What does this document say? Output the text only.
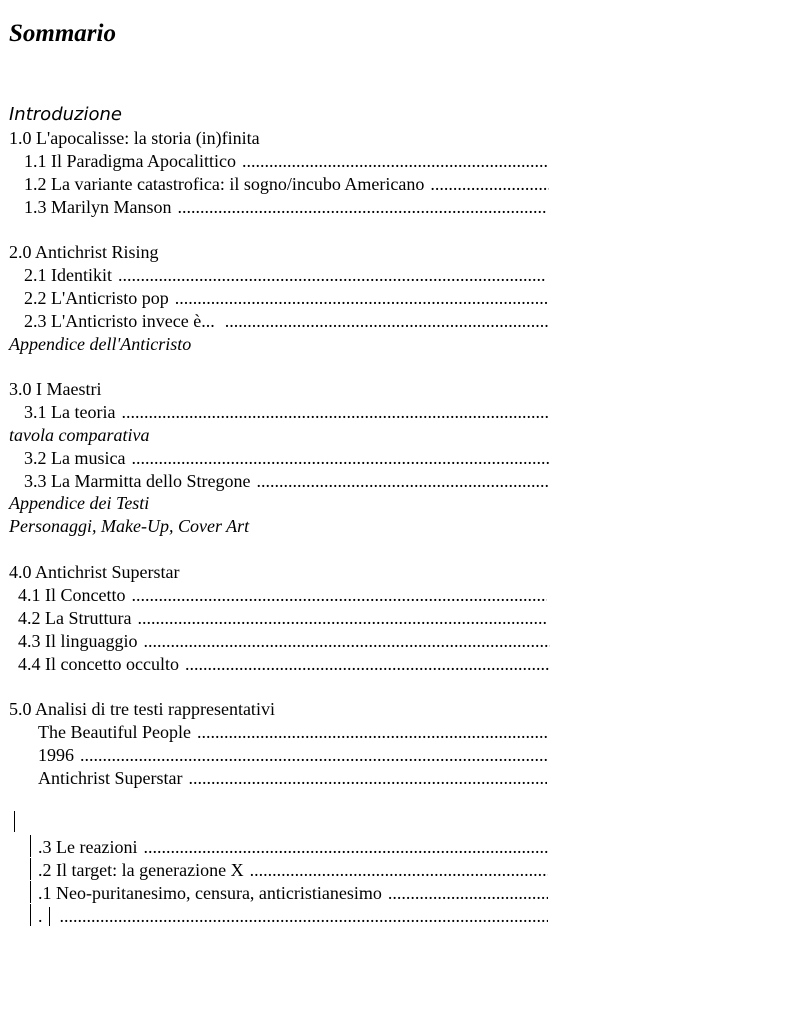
Sommario
Introduzione
1.0 L'apocalisse: la storia (in)finita
1.1 Il Paradigma Apocalittico
.....
1.2 La variante catastrofica: il sogno/incubo Americano
.....
1.3 Marilyn Manson
.....
2.0 Antichrist Rising
2.1 Identikit
.....
2.2 L'Anticristo pop
.....
2.3 L'Anticristo invece è...
.....
Appendice dell'Anticristo
3.0 I Maestri
3.1 La teoria
.....
tavola comparativa
3.2 La musica
.....
3.3 La Marmitta dello Stregone
.....
Appendice dei Testi
Personaggi, Make-Up, Cover Art
4.0 Antichrist Superstar
4.1 Il Concetto
.....
4.2 La Struttura
.....
4.3 Il linguaggio
.....
4.4 Il concetto occulto
.....
5.0 Analisi di tre testi rappresentativi
The Beautiful People
.....
1996
.....
Antichrist Superstar
.....
.3 Le reazioni
.....
.2 Il target: la generazione X
.....
.1 Neo-puritanesimo, censura, anticristianesimo
.....
.
.....
